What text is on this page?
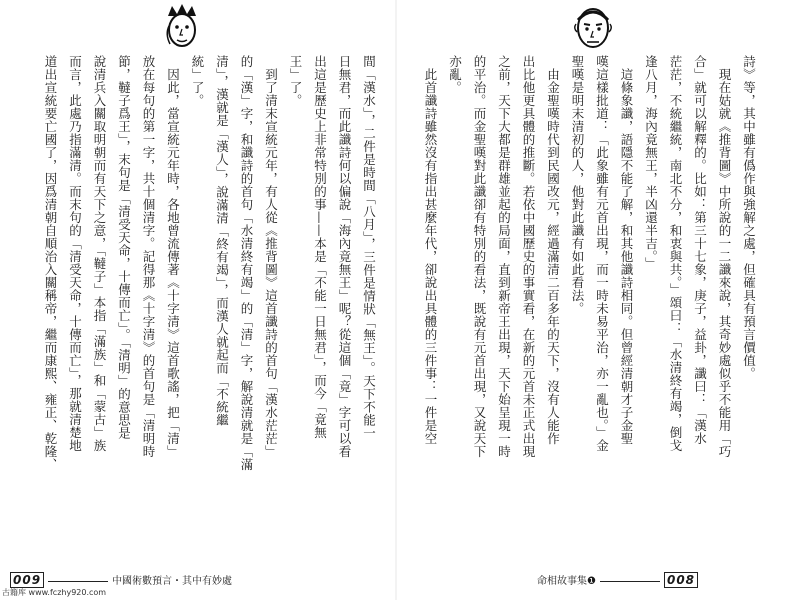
間「漢水」，二件是時間「八月」，三件是情狀「無王」。天下不能一
日無君，而此讖詩何以偏說「海內竟無王」呢？從這個「竟」字可以看
出這是歷史上非常特別的事——本是「不能一日無君」，而今「竟無
王」了。
　到了清末宣統元年，有人從《推背圖》這首讖詩的首句「漢水茫茫」
的「漢」字，和讖詩的首句「水清終有竭」的「清」字，解說清就是「滿
清」，漢就是「漢人」，說滿清「終有竭」，而漢人就起而「不統繼
統」了。
　因此，當宣統元年時，各地曾流傳著《十字清》這首歌謠，把「清」
放在每句的第一字，共十個清字。記得那《十字清》的首句是「清明時
節，韃子爲王」，末句是「清受天命，十傳而亡」。「清明」的意思是
說清兵入關取明朝而有天下之意，「韃子」本指「滿族」和「蒙古」族
而言，此處乃指滿清。而末句的「清受天命，十傳而亡」，那就清楚地
道出宣統要亡國了，因爲清朝自順治入關稱帝，繼而康熙、雍正、乾隆、
009	中國術數預言・其中有妙處
詩》等，其中雖有僞作與強解之處，但確具有預言價值。
　現在姑就《推背圖》中所說的一二讖來說，其奇妙處似乎不能用「巧
合」就可以解釋的。比如：第三十七象，庚子，益卦，讖曰：「漢水
茫茫，不統繼統，南北不分，和衷與共。」頌曰：「水清終有竭，倒戈
逢八月，海內竟無王，半凶還半吉。」
　這條象讖，語隱不能了解，和其他讖詩相同。但曾經清朝才子金聖
嘆這樣批道：「此象雖有元首出現，而一時未易平治，亦一亂也。」金
聖嘆是明末清初的人，他對此讖有如此看法。
　由金聖嘆時代到民國改元，經過滿清二百多年的天下，沒有人能作
出比他更具體的推斷。若依中國歷史的事實看，在新的元首未正式出現
之前，天下大都是群雄並起的局面，直到新帝王出現，天下始呈現一時
的平治。而金聖嘆對此讖卻有特別的看法，既說有元首出現，又說天下
亦亂。
　此首讖詩雖然沒有指出甚麼年代，卻說出具體的三件事：一件是空
命相故事集❶	008
古籍库 www.fczhy920.com
